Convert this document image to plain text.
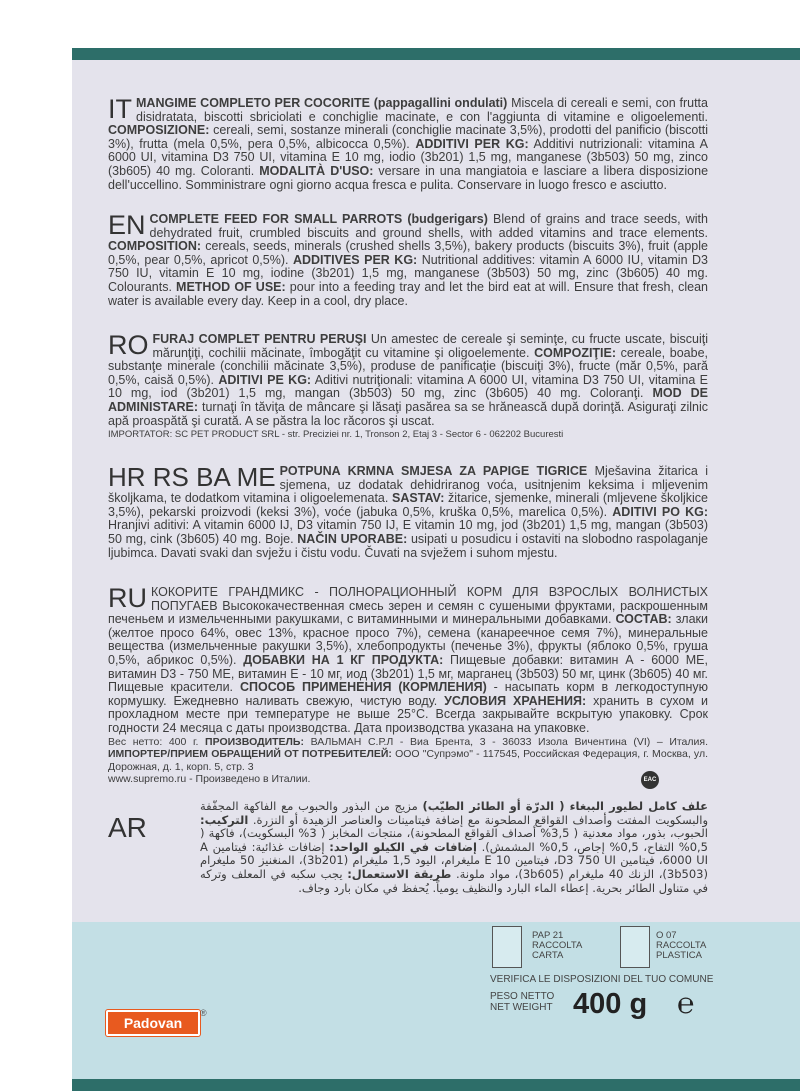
IT MANGIME COMPLETO PER COCORITE (pappagallini ondulati) Miscela di cereali e semi, con frutta disidratata, biscotti sbriciolati e conchiglie macinate, e con l'aggiunta di vitamine e oligoelementi. COMPOSIZIONE: cereali, semi, sostanze minerali (conchiglie macinate 3,5%), prodotti del panificio (biscotti 3%), frutta (mela 0,5%, pera 0,5%, albicocca 0,5%). ADDITIVI PER KG: Additivi nutrizionali: vitamina A 6000 UI, vitamina D3 750 UI, vitamina E 10 mg, iodio (3b201) 1,5 mg, manganese (3b503) 50 mg, zinco (3b605) 40 mg. Coloranti. MODALITÀ D'USO: versare in una mangiatoia e lasciare a libera disposizione dell'uccellino. Somministrare ogni giorno acqua fresca e pulita. Conservare in luogo fresco e asciutto.
EN COMPLETE FEED FOR SMALL PARROTS (budgerigars) Blend of grains and trace seeds, with dehydrated fruit, crumbled biscuits and ground shells, with added vitamins and trace elements. COMPOSITION: cereals, seeds, minerals (crushed shells 3,5%), bakery products (biscuits 3%), fruit (apple 0,5%, pear 0,5%, apricot 0,5%). ADDITIVES PER KG: Nutritional additives: vitamin A 6000 IU, vitamin D3 750 IU, vitamin E 10 mg, iodine (3b201) 1,5 mg, manganese (3b503) 50 mg, zinc (3b605) 40 mg. Colourants. METHOD OF USE: pour into a feeding tray and let the bird eat at will. Ensure that fresh, clean water is available every day. Keep in a cool, dry place.
RO FURAJ COMPLET PENTRU PERUŞI Un amestec de cereale şi seminţe, cu fructe uscate, biscuiţi mărunţiţi, cochilii măcinate, îmbogăţit cu vitamine şi oligoelemente. COMPOZIŢIE: cereale, boabe, substanţe minerale (conchilii măcinate 3,5%), produse de panificaţie (biscuiţi 3%), fructe (măr 0,5%, pară 0,5%, caisă 0,5%). ADITIVI PE KG: Aditivi nutriţionali: vitamina A 6000 UI, vitamina D3 750 UI, vitamina E 10 mg, iod (3b201) 1,5 mg, mangan (3b503) 50 mg, zinc (3b605) 40 mg. Coloranţi. MOD DE ADMINISTARE: turnaţi în tăviţa de mâncare şi lăsaţi pasărea sa se hrănească după dorinţă. Asiguraţi zilnic apă proaspătă şi curată. A se păstra la loc răcoros şi uscat.
IMPORTATOR: SC PET PRODUCT SRL - str. Preciziei nr. 1, Tronson 2, Etaj 3 - Sector 6 - 062202 Bucuresti
HR RS BA ME POTPUNA KRMNA SMJESA ZA PAPIGE TIGRICE Mješavina žitarica i sjemena, uz dodatak dehidriranog voća, usitnjenim keksima i mljevenim školjkama, te dodatkom vitamina i oligoelemenata. SASTAV: žitarice, sjemenke, minerali (mljevene školjkice 3,5%), pekarski proizvodi (keksi 3%), voće (jabuka 0,5%, kruška 0,5%, marelica 0,5%). ADITIVI PO KG: Hranjivi aditivi: A vitamin 6000 IJ, D3 vitamin 750 IJ, E vitamin 10 mg, jod (3b201) 1,5 mg, mangan (3b503) 50 mg, cink (3b605) 40 mg. Boje. NAČIN UPORABE: usipati u posudicu i ostaviti na slobodno raspolaganje ljubimca. Davati svaki dan svježu i čistu vodu. Čuvati na svježem i suhom mjestu.
RU КОКОРИТЕ ГРАНДМИКС - ПОЛНОРАЦИОННЫЙ КОРМ ДЛЯ ВЗРОСЛЫХ ВОЛНИСТЫХ ПОПУГАЕВ Высококачественная смесь зерен и семян с сушеными фруктами, раскрошенным печеньем и измельченными ракушками, с витаминными и минеральными добавками. СОСТАВ: злаки (желтое просо 64%, овес 13%, красное просо 7%), семена (канареечное семя 7%), минеральные вещества (измельченные ракушки 3,5%), хлебопродукты (печенье 3%), фрукты (яблоко 0,5%, груша 0,5%, абрикос 0,5%). ДОБАВКИ НА 1 КГ ПРОДУКТА: Пищевые добавки: витамин А - 6000 МЕ, витамин D3 - 750 МЕ, витамин Е - 10 мг, иод (3b201) 1,5 мг, марганец (3b503) 50 мг, цинк (3b605) 40 мг. Пищевые красители. СПОСОБ ПРИМЕНЕНИЯ (КОРМЛЕНИЯ) - насыпать корм в легкодоступную кормушку. Ежедневно наливать свежую, чистую воду. УСЛОВИЯ ХРАНЕНИЯ: хранить в сухом и прохладном месте при температуре не выше 25°С. Всегда закрывайте вскрытую упаковку. Срок годности 24 месяца с даты производства. Дата производства указана на упаковке.
Вес нетто: 400 г. ПРОИЗВОДИТЕЛЬ: ВАЛЬМАН С.Р.Л - Виа Брента, 3 - 36033 Изола Вичентина (VI) – Италия. ИМПОРТЕР/ПРИЕМ ОБРАЩЕНИЙ ОТ ПОТРЕБИТЕЛЕЙ: ООО "Супрэмо" - 117545, Российская Федерация, г. Москва, ул. Дорожная, д. 1, корп. 5, стр. 3
www.supremo.ru - Произведено в Италии.	EAC
AR
علف كامل لطيور الببغاء ( الدرّة أو الطائر الطيّب) مزيج من البذور والحبوب مع الفاكهة المجفّفة والبسكويت المفتت وأصداف القواقع المطحونة مع إضافة فيتامينات والعناصر الزهيدة أو النزرة. التركيب: الحبوب، بذور، مواد معدنية ( 3,5% أصداف القواقع المطحونة)، منتجات المخابز ( 3% البسكويت)، فاكهة ( 0,5% التفاح، 0,5% إجاص، 0,5% المشمش). إضافات في الكيلو الواحد: إضافات غذائية: فيتامين A 6000 UI، فيتامين D3 750 UI، فيتامين E 10 مليغرام، اليود 1,5 مليغرام (3b201)، المنغنيز 50 مليغرام (3b503)، الزنك 40 مليغرام (3b605)، مواد ملونة. طريقة الاستعمال: يجب سكبه في المعلف وتركه في متناول الطائر بحرية. إعطاء الماء البارد والنظيف يومياً. يُحفظ في مكان بارد وجاف.
Padovan
®
PAP 21
RACCOLTA
CARTA
O 07
RACCOLTA
PLASTICA
VERIFICA LE DISPOSIZIONI DEL TUO COMUNE
PESO NETTO
NET WEIGHT 400 g ℮
